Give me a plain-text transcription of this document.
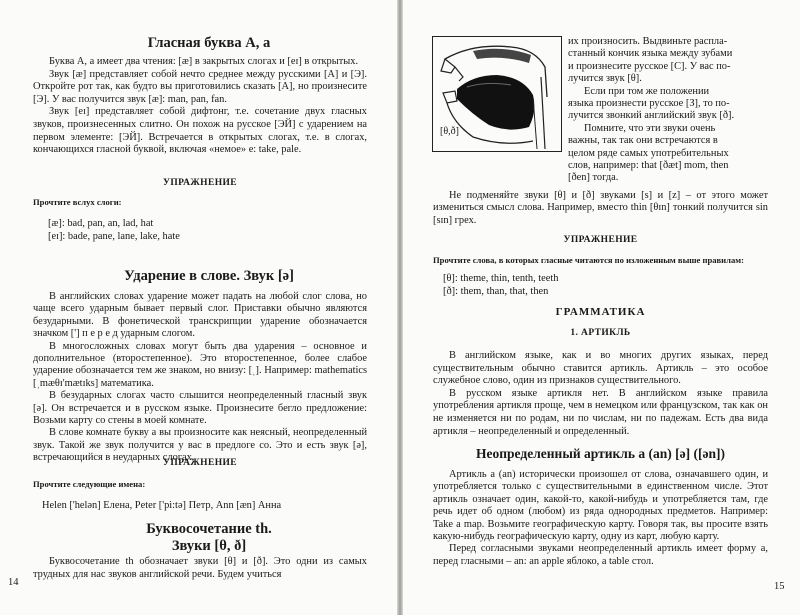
Гласная буква А, а

Буква А, а имеет два чтения: [æ] в закрытых слогах и [eɪ] в открытых.

Звук [æ] представляет собой нечто среднее между русскими [А] и [Э]. Откройте рот так, как будто вы приготовились сказать [А], но произнесите [Э]. У вас получится звук [æ]: man, pan, fan.

Звук [eɪ] представляет собой дифтонг, т.е. сочетание двух гласных звуков, произнесенных слитно. Он похож на русское [ЭЙ] с ударением на первом элементе: [ЭЙ]. Встречается в открытых слогах, т.е. в слогах, кончающихся гласной буквой, включая «немое» е: take, pale.

УПРАЖНЕНИЕ

Прочтите вслух слоги:

[æ]: bad, pan, an, lad, hat

[eɪ]: bade, pane, lane, lake, hate

Ударение в слове. Звук [ə]

В английских словах ударение может падать на любой слог слова, но чаще всего ударным бывает первый слог. Приставки обычно являются безударными. В фонетической транскрипции ударение обозначается значком ['] п е р е д ударным слогом.

В многосложных словах могут быть два ударения – основное и дополнительное (второстепенное). Это второстепенное, более слабое ударение обозначается тем же знаком, но внизу: [ˌ]. Например: mathematics [ˌmæθɪ'mætɪks] математика.

В безударных слогах часто слышится неопределенный гласный звук [ə]. Он встречается и в русском языке. Произнесите бегло предложение: Возьми карту со стены в моей комнате.

В слове комнате букву а вы произносите как неясный, неопределенный звук. Такой же звук получится у вас в предлоге со. Это и есть звук [ə], встречающийся в неударных слогах.

УПРАЖНЕНИЕ

Прочтите следующие имена:

Helen ['helən] Елена, Peter ['pi:tə] Петр, Ann [æn] Анна

Буквосочетание th.

Звуки [θ, ð]

Буквосочетание th обозначает звуки [θ] и [ð]. Это одни из самых трудных для нас звуков английской речи. Будем учиться

14
[θ,ð]

их произносить. Выдвиньте распла-

станный кончик языка между зубами

и произнесите русское [С]. У вас по-

лучится звук [θ].

Если при том же положении

языка произнести русское [З], то по-

лучится звонкий английский звук [ð].

Помните, что эти звуки очень

важны, так так они встречаются в

целом ряде самых употребительных

слов, например: that [ðæt] mom, then

[ðen] тогда.

Не подменяйте звуки [θ] и [ð] звуками [s] и [z] – от этого может измениться смысл слова. Например, вместо thin [θɪn] тонкий получится sin [sɪn] грех.

УПРАЖНЕНИЕ

Прочтите слова, в которых гласные читаются по изложенным выше правилам:

[θ]: theme, thin, tenth, teeth

[ð]: them, than, that, then

ГРАММАТИКА

1. АРТИКЛЬ

В английском языке, как и во многих других языках, перед существительным обычно ставится артикль. Артикль – это особое служебное слово, один из признаков существительного.

В русском языке артикля нет. В английском языке правила употребления артикля проще, чем в немецком или французском, так как он не изменяется ни по родам, ни по числам, ни по падежам. Есть два вида артикля – неопределенный и определенный.

Неопределенный артикль а (an) [ə] ([ən])

Артикль а (an) исторически произошел от слова, означавшего один, и употребляется только с существительными в единственном числе. Этот артикль означает один, какой-то, какой-нибудь и употребляется там, где речь идет об одном (любом) из ряда однородных предметов. Например: Take a map. Возьмите географическую карту. Говоря так, вы просите взять какую-нибудь географическую карту, одну из карт, любую карту.

Перед согласными звуками неопределенный артикль имеет форму а, перед гласными – an: an apple яблоко, a table стол.

15
